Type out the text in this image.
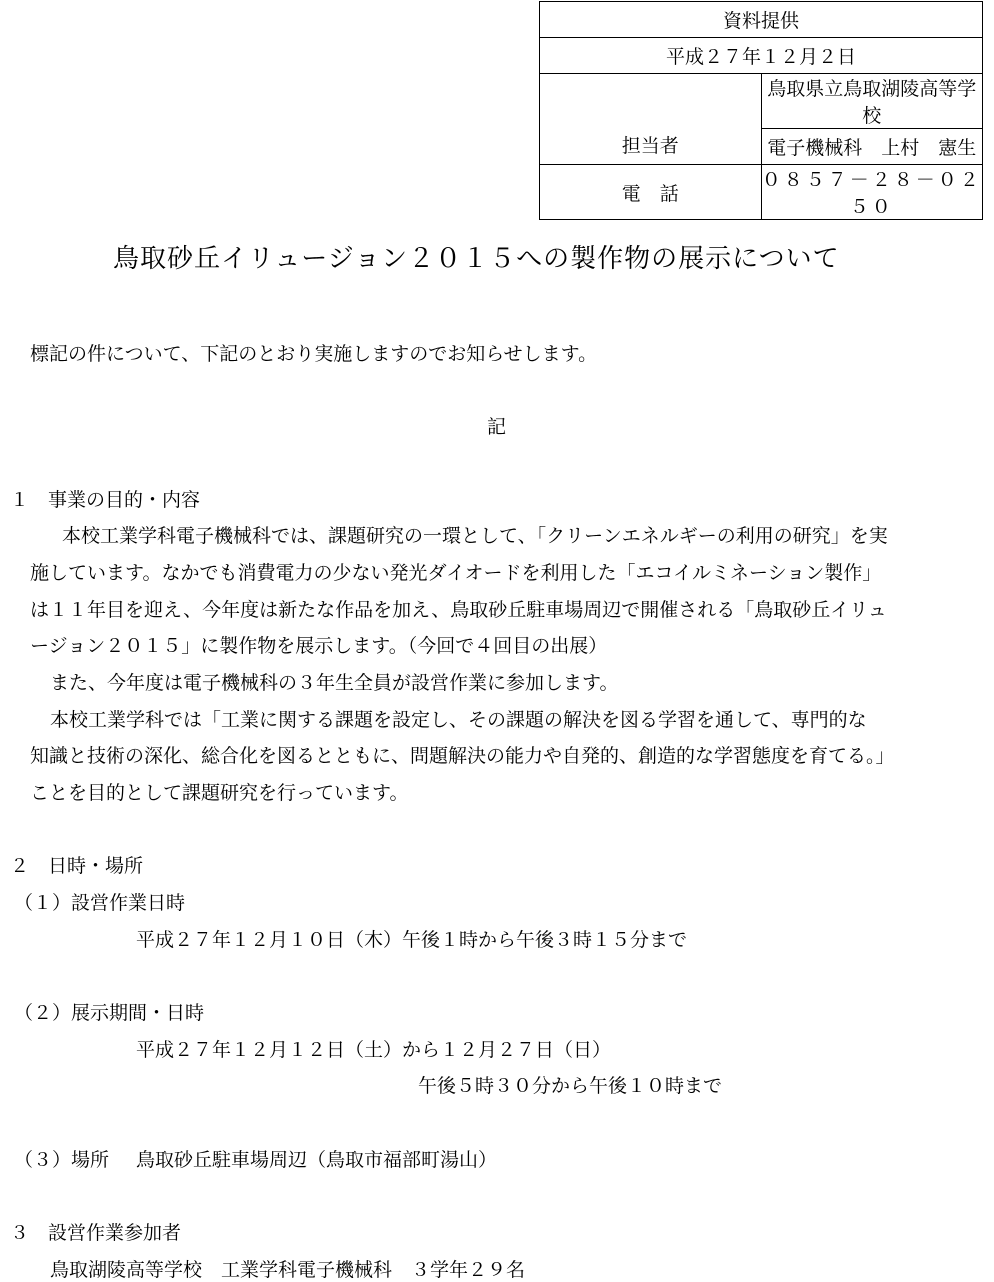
資料提供	
平成２７年１２月２日	
担当者	鳥取県立鳥取湖陵高等学校
	電子機械科　上村　憲生
電　話	０８５７－２８－０２５０
鳥取砂丘イリュージョン２０１５への製作物の展示について
標記の件について、下記のとおり実施しますのでお知らせします。
記
１　事業の目的・内容
本校工業学科電子機械科では、課題研究の一環として、「クリーンエネルギーの利用の研究」を実
施しています。なかでも消費電力の少ない発光ダイオードを利用した「エコイルミネーション製作」
は１１年目を迎え、今年度は新たな作品を加え、鳥取砂丘駐車場周辺で開催される「鳥取砂丘イリュ
ージョン２０１５」に製作物を展示します。（今回で４回目の出展）
また、今年度は電子機械科の３年生全員が設営作業に参加します。
本校工業学科では「工業に関する課題を設定し、その課題の解決を図る学習を通して、専門的な
知識と技術の深化、総合化を図るとともに、問題解決の能力や自発的、創造的な学習態度を育てる。」
ことを目的として課題研究を行っています。
２　日時・場所
（１）設営作業日時
平成２７年１２月１０日（木）午後１時から午後３時１５分まで
（２）展示期間・日時
平成２７年１２月１２日（土）から１２月２７日（日）
午後５時３０分から午後１０時まで
（３）場所 鳥取砂丘駐車場周辺（鳥取市福部町湯山）
３　設営作業参加者
鳥取湖陵高等学校　工業学科電子機械科　３学年２９名
